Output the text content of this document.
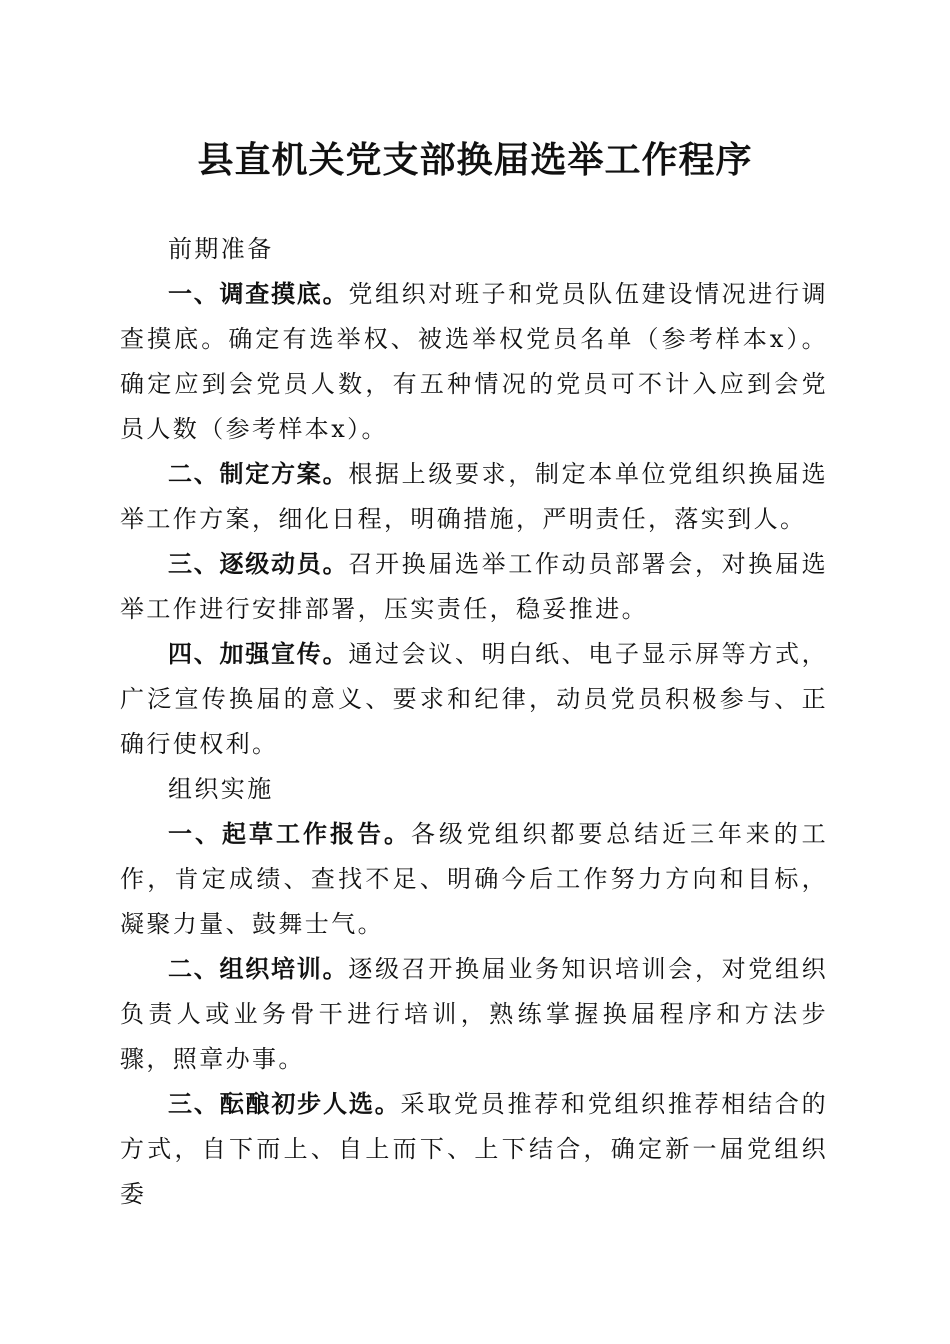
县直机关党支部换届选举工作程序

前期准备

一、调查摸底。党组织对班子和党员队伍建设情况进行调查摸底。确定有选举权、被选举权党员名单（参考样本x）。确定应到会党员人数，有五种情况的党员可不计入应到会党员人数（参考样本x）。

二、制定方案。根据上级要求，制定本单位党组织换届选举工作方案，细化日程，明确措施，严明责任，落实到人。

三、逐级动员。召开换届选举工作动员部署会，对换届选举工作进行安排部署，压实责任，稳妥推进。

四、加强宣传。通过会议、明白纸、电子显示屏等方式，广泛宣传换届的意义、要求和纪律，动员党员积极参与、正确行使权利。

组织实施

一、起草工作报告。各级党组织都要总结近三年来的工作，肯定成绩、查找不足、明确今后工作努力方向和目标，凝聚力量、鼓舞士气。

二、组织培训。逐级召开换届业务知识培训会，对党组织负责人或业务骨干进行培训，熟练掌握换届程序和方法步骤，照章办事。

三、酝酿初步人选。采取党员推荐和党组织推荐相结合的方式，自下而上、自上而下、上下结合，确定新一届党组织委
